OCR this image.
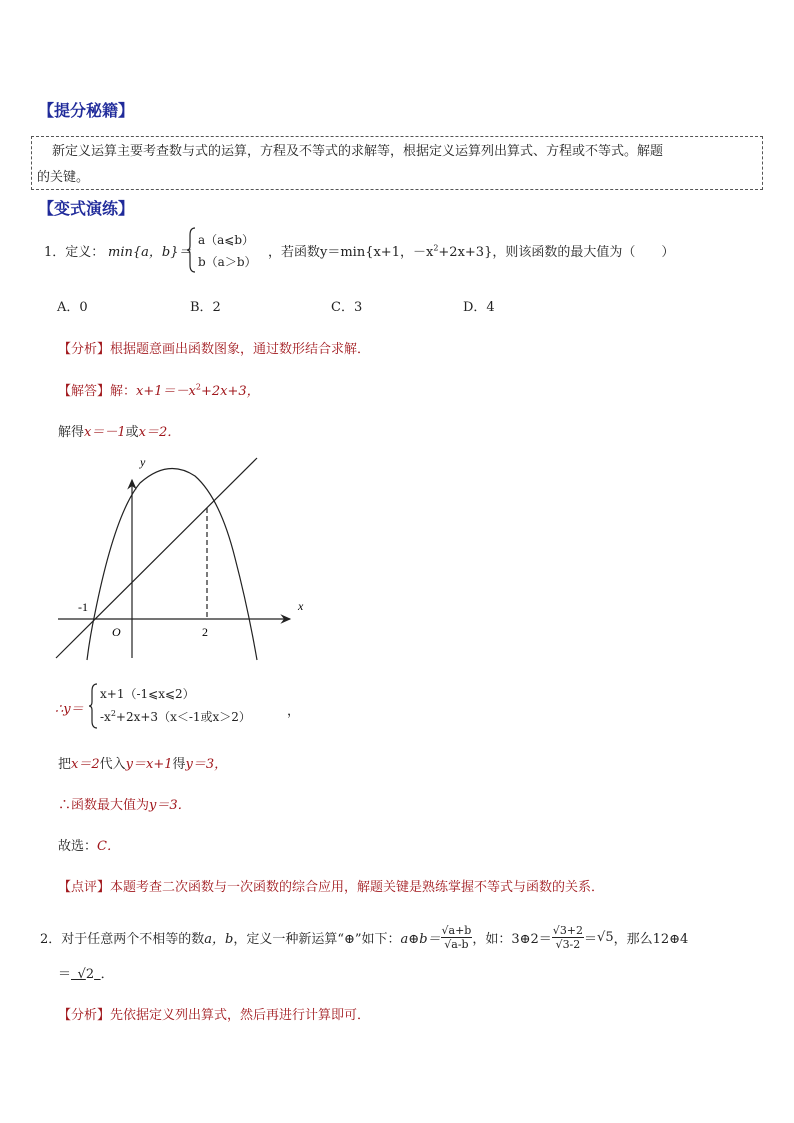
【提分秘籍】
新定义运算主要考查数与式的运算，方程及不等式的求解等，根据定义运算列出算式、方程或不等式。解题
的关键。
【变式演练】
1．定义： min{a，b}＝
a（a⩽b）
b（a＞b）
，若函数y＝min{x+1，$-x^2+2x+3$}，则该函数的最大值为（　　）
A．0	B．2	C．3	D．4
【分析】根据题意画出函数图象，通过数形结合求解．
【解答】解：$x+1=-x^2+2x+3$，
解得x＝－1或x＝2．
y
x
O
-1
2
∴y＝
x+1（-1⩽x⩽2）
$-x^2+2x+3(x<-1$或x＞2）	，
把x＝2代入y＝x+1得y＝3，
∴函数最大值为y＝3．
故选：C．
【点评】本题考查二次函数与一次函数的综合应用，解题关键是熟练掌握不等式与函数的关系．
2．对于任意两个不相等的数 a，b ，定义一种新运算“⊕”如下： a⊕b＝ $\frac{√a+b}{√a-b}$ ，如：3⊕2＝ $\frac{√3+2}{√3-2} = √5$ ，那么12⊕4
＝ √2  ．
【分析】先依据定义列出算式，然后再进行计算即可．
